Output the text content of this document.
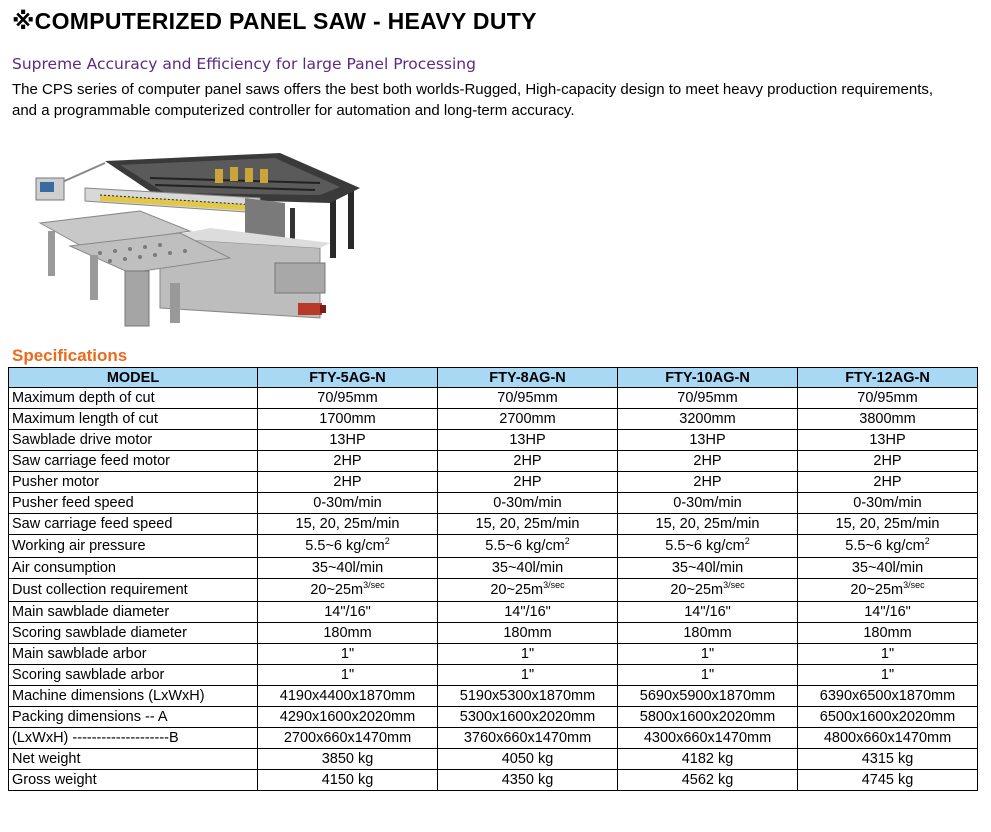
※COMPUTERIZED PANEL SAW - HEAVY DUTY
Supreme Accuracy and Efficiency for large Panel Processing
The CPS series of computer panel saws offers the best both worlds-Rugged, High-capacity design to meet heavy production requirements,
and a programmable computerized controller for automation and long-term accuracy.
Specifications
MODEL	FTY-5AG-N	FTY-8AG-N	FTY-10AG-N	FTY-12AG-N
Maximum depth of cut	70/95mm	70/95mm	70/95mm	70/95mm
Maximum length of cut	1700mm	2700mm	3200mm	3800mm
Sawblade drive motor	13HP	13HP	13HP	13HP
Saw carriage feed motor	2HP	2HP	2HP	2HP
Pusher motor	2HP	2HP	2HP	2HP
Pusher feed speed	0-30m/min	0-30m/min	0-30m/min	0-30m/min
Saw carriage feed speed	15, 20, 25m/min	15, 20, 25m/min	15, 20, 25m/min	15, 20, 25m/min
Working air pressure	5.5~6 $kg/cm^2$	5.5~6 $kg/cm^2$	5.5~6 $kg/cm^2$	5.5~6 $kg/cm^2$
Air consumption	35~40l/min	35~40l/min	35~40l/min	35~40l/min
Dust collection requirement	$20\sim 25m^{3/sec}$	$20\sim 25m^{3/sec}$	$20\sim 25m^{3/sec}$	$20\sim 25m^{3/sec}$
Main sawblade diameter	14"/16"	14"/16"	14"/16"	14"/16"
Scoring sawblade diameter	180mm	180mm	180mm	180mm
Main sawblade arbor	1"	1"	1"	1"
Scoring sawblade arbor	1"	1"	1"	1"
Machine dimensions (LxWxH)	4190x4400x1870mm	5190x5300x1870mm	5690x5900x1870mm	6390x6500x1870mm
Packing dimensions -- A	4290x1600x2020mm	5300x1600x2020mm	5800x1600x2020mm	6500x1600x2020mm
(LxWxH) --------------------B	2700x660x1470mm	3760x660x1470mm	4300x660x1470mm	4800x660x1470mm
Net weight	3850 kg	4050 kg	4182 kg	4315 kg
Gross weight	4150 kg	4350 kg	4562 kg	4745 kg
